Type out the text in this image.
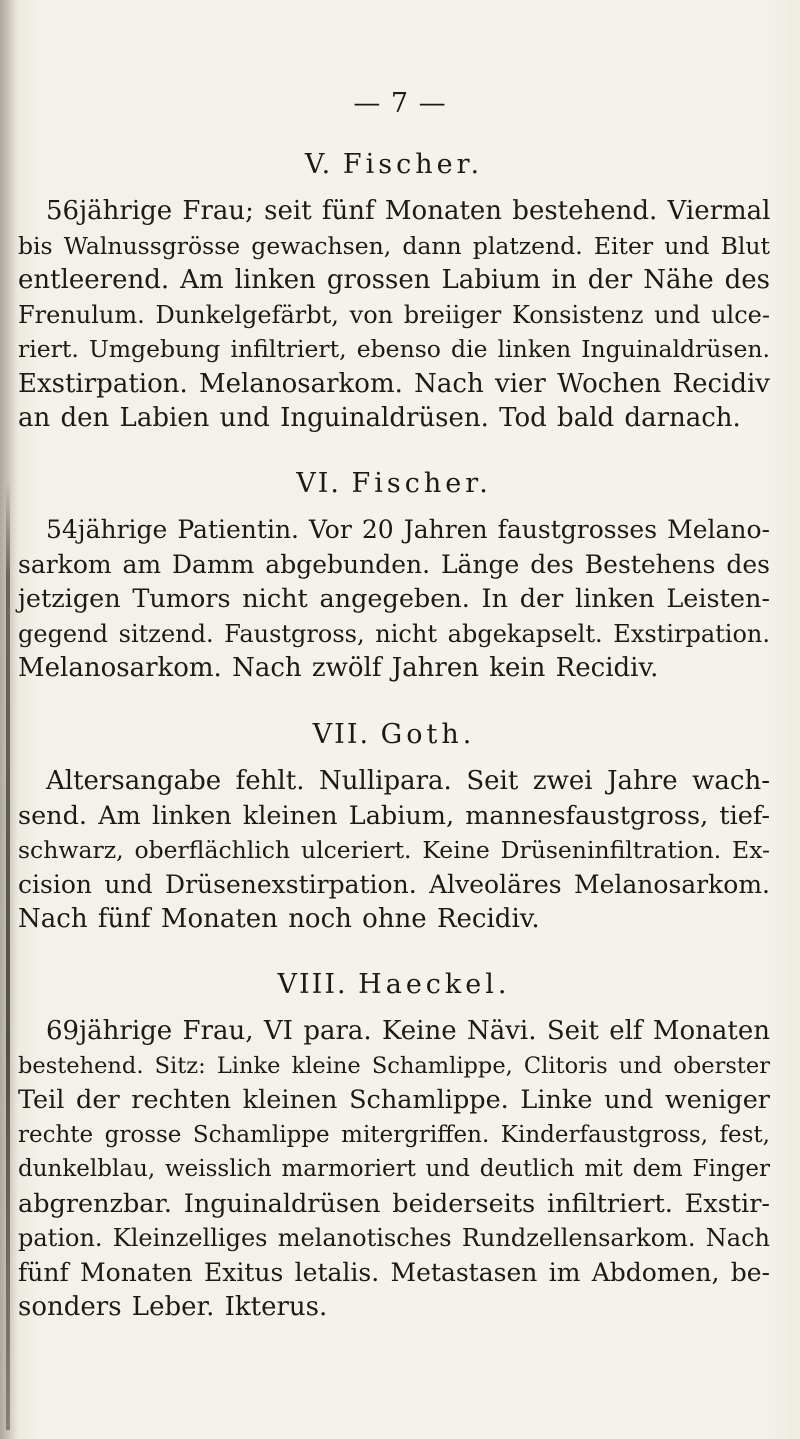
— 7 —
V. Fischer.
56jährige Frau; seit fünf Monaten bestehend. Viermal
bis Walnussgrösse gewachsen, dann platzend. Eiter und Blut
entleerend. Am linken grossen Labium in der Nähe des
Frenulum. Dunkelgefärbt, von breiiger Konsistenz und ulce-
riert. Umgebung infiltriert, ebenso die linken Inguinaldrüsen.
Exstirpation. Melanosarkom. Nach vier Wochen Recidiv
an den Labien und Inguinaldrüsen. Tod bald darnach.
VI. Fischer.
54jährige Patientin. Vor 20 Jahren faustgrosses Melano-
sarkom am Damm abgebunden. Länge des Bestehens des
jetzigen Tumors nicht angegeben. In der linken Leisten-
gegend sitzend. Faustgross, nicht abgekapselt. Exstirpation.
Melanosarkom. Nach zwölf Jahren kein Recidiv.
VII. Goth.
Altersangabe fehlt. Nullipara. Seit zwei Jahre wach-
send. Am linken kleinen Labium, mannesfaustgross, tief-
schwarz, oberflächlich ulceriert. Keine Drüseninfiltration. Ex-
cision und Drüsenexstirpation. Alveoläres Melanosarkom.
Nach fünf Monaten noch ohne Recidiv.
VIII. Haeckel.
69jährige Frau, VI para. Keine Nävi. Seit elf Monaten
bestehend. Sitz: Linke kleine Schamlippe, Clitoris und oberster
Teil der rechten kleinen Schamlippe. Linke und weniger
rechte grosse Schamlippe mitergriffen. Kinderfaustgross, fest,
dunkelblau, weisslich marmoriert und deutlich mit dem Finger
abgrenzbar. Inguinaldrüsen beiderseits infiltriert. Exstir-
pation. Kleinzelliges melanotisches Rundzellensarkom. Nach
fünf Monaten Exitus letalis. Metastasen im Abdomen, be-
sonders Leber. Ikterus.
